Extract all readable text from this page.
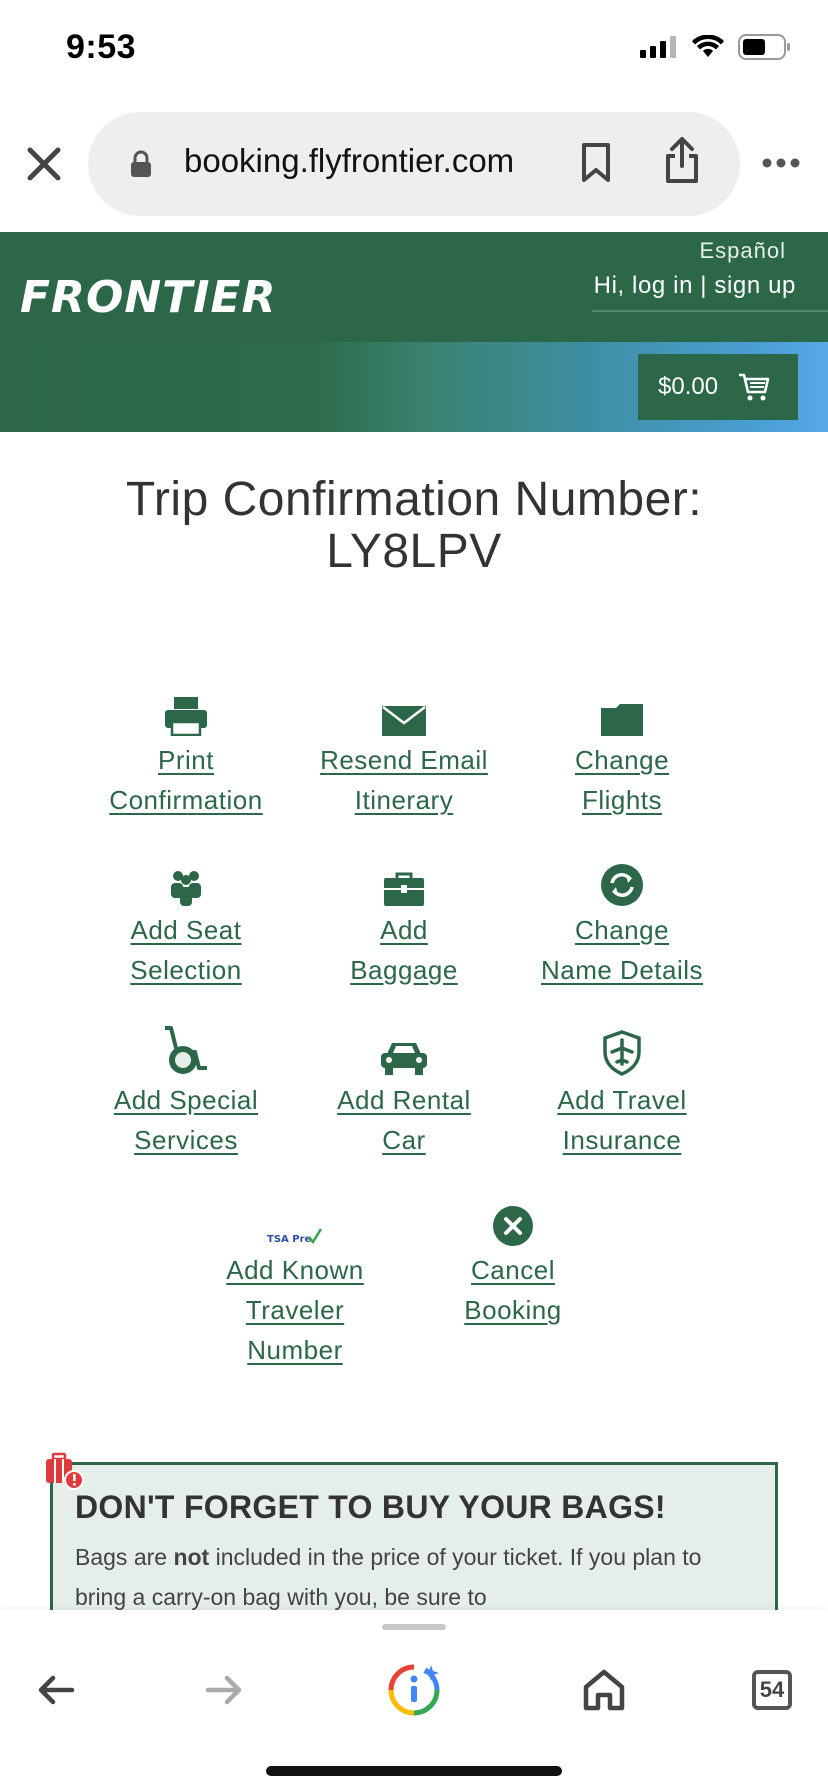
9:53
booking.flyfrontier.com
FRONTIER
Español
Hi, log in | sign up
$0.00
Trip Confirmation Number:
LY8LPV
Print
Confirmation
Resend Email
Itinerary
Change
Flights
Add Seat
Selection
Add
Baggage
Change
Name Details
Add Special
Services
Add Rental
Car
Add Travel
Insurance
TSA Pre
Add Known
Traveler
Number
Cancel
Booking
DON'T FORGET TO BUY YOUR BAGS!
Bags are not included in the price of your ticket. If you plan to bring a carry-on bag with you, be sure to
54
